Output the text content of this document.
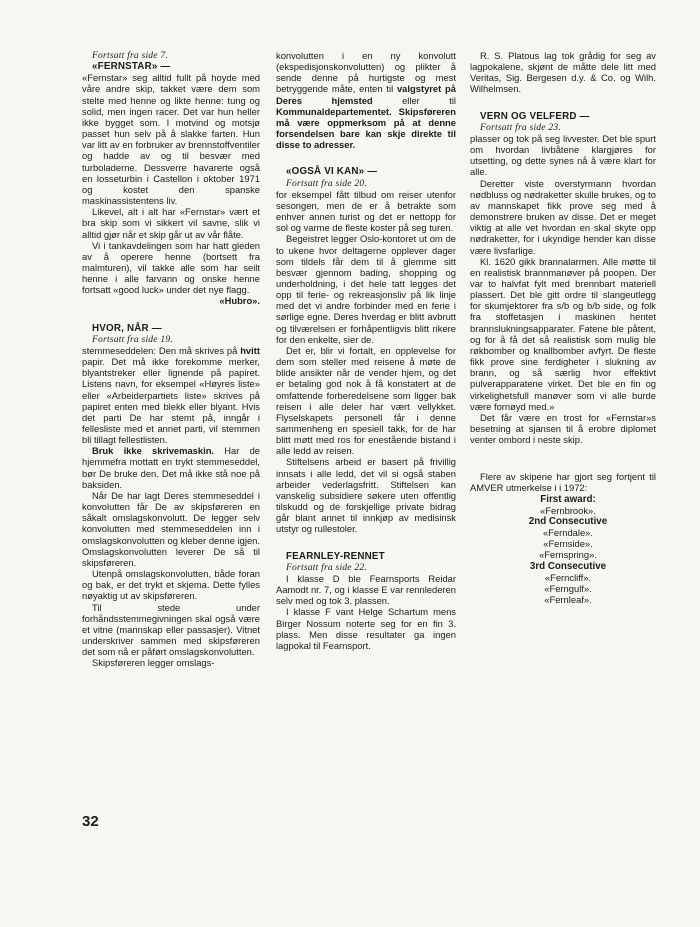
Fortsatt fra side 7.

«FERNSTAR» —

«Fernstar» seg alltid fullt på hoyde med våre andre skip, takket være dem som stelte med henne og likte henne: tung og solid, men ingen racer. Det var hun heller ikke bygget som. I motvind og motsjø passet hun selv på å slakke farten. Hun var litt av en forbruker av brennstoffventiler og hadde av og til besvær med turboladerne. Dessverre havarerte også en losseturbin i Castellon i oktober 1971 og kostet den spanske maskinassistentens liv.

Likevel, alt i alt har «Fernstar» vært et bra skip som vi sikkert vil savne, slik vi alltid gjør når et skip går ut av vår flåte.

Vi i tankavdelingen som har hatt gleden av å operere henne (bortsett fra malmturen), vil takke alle som har seilt henne i alle farvann og onske henne fortsatt «good luck» under det nye flagg.

«Hubro».

HVOR, NÅR —

Fortsatt fra side 19.

stemmeseddelen: Den må skrives på hvitt papir. Det må ikke forekomme merker, blyantstreker eller lignende på papiret. Listens navn, for eksempel «Høyres liste» eller «Arbeiderpartiets liste» skrives på papiret enten med blekk eller blyant. Hvis det parti De har stemt på, inngår i fellesliste med et annet parti, vil stemmen bli tillagt fellestlisten.

Bruk ikke skrivemaskin. Har de hjemmefra mottatt en trykt stemmeseddel, bør De bruke den. Det må ikke stå noe på baksiden.

Når De har lagt Deres stemmeseddel i konvolutten får De av skipsføreren en såkalt omslagskonvolutt. De legger selv konvolutten med stemmeseddelen inn i omslagskonvolutten og kleber denne igjen. Omslagskonvolutten leverer De så til skipsføreren.

Utenpå omslagskonvolutten, både foran og bak, er det trykt et skjema. Dette fylles nøyaktig ut av skipsføreren.

Til stede under forhåndsstemmegivningen skal også være et vitne (mannskap eller passasjer). Vitnet underskriver sammen med skipsføreren det som nå er påført omslagskonvolutten.

Skipsføreren legger omslags-

konvolutten i en ny konvolutt (ekspedisjonskonvolutten) og plikter å sende denne på hurtigste og mest betryggende måte, enten til valgstyret på Deres hjemsted eller til Kommunaldepartementet. Skipsføreren må være oppmerksom på at denne forsendelsen bare kan skje direkte til disse to adresser.

«OGSÅ VI KAN» —

Fortsatt fra side 20.

for eksempel fått tilbud om reiser utenfor sesongen, men de er å betrakte som enhver annen turist og det er nettopp for sol og varme de fleste koster på seg turen.

Begeistret legger Oslo-kontoret ut om de to ukene hvor deltagerne opplever dager som tildels får dem til å glemme sitt besvær gjennom bading, shopping og underholdning, i det hele tatt legges det opp til ferie- og rekreasjonsliv på lik linje med det vi andre forbinder med en ferie i sørlige egne. Deres hverdag er blitt avbrutt og tilværelsen er forhåpentligvis blitt rikere for den enkelte, sier de.

Det er, blir vi fortalt, en opplevelse for dem som steller med reisene å møte de blide ansikter når de vender hjem, og det er betaling god nok å få konstatert at de omfattende forberedelsene som ligger bak reisen i alle deler har vært vellykket. Flyselskapets personell får i denne sammenheng en spesiell takk, for de har blitt møtt med ros for enestående bistand i alle ledd av reisen.

Stiftelsens arbeid er basert på frivillig innsats i alle ledd, det vil si også staben arbeider vederlagsfritt. Stiftelsen kan vanskelig subsidiere søkere uten offentlig tilskudd og de forskjellige private bidrag går blant annet til innkjøp av medisinsk utstyr og rullestoler.

FEARNLEY-RENNET

Fortsatt fra side 22.

I klasse D ble Fearnsports Reidar Aamodt nr. 7, og i klasse E var rennlederen selv med og tok 3. plassen.

I klasse F vant Helge Schartum mens Birger Nossum noterte seg for en fin 3. plass. Men disse resultater ga ingen lagpokal til Fearnsport.

R. S. Platous lag tok grådig for seg av lagpokalene, skjønt de måtte dele litt med Veritas, Sig. Bergesen d.y. & Co. og Wilh. Wilhelmsen.

VERN OG VELFERD —

Fortsatt fra side 23.

plasser og tok på seg livvester. Det ble spurt om hvordan livbåtene klargjøres for utsetting, og dette synes nå å være klart for alle.

Deretter viste overstyrmann hvordan nødbluss og nødraketter skulle brukes, og to av mannskapet fikk prove seg med å demonstrere bruken av disse. Det er meget viktig at alle vet hvordan en skal skyte opp nødraketter, for i ukyndige hender kan disse være livsfarlige.

Kl. 1620 gikk brannalarmen. Alle møtte til en realistisk brannmanøver på poopen. Der var to halvfat fylt med brennbart materiell plassert. Det ble gitt ordre til slangeutlegg for skumjektorer fra s/b og b/b side, og folk fra stoffetasjen i maskinen hentet brannslukningsapparater. Fatene ble påtent, og for å få det så realistisk som mulig ble røkbomber og knallbomber avfyrt. De fleste fikk prove sine ferdigheter i slukning av brann, og så særlig hvor effektivt pulverapparatene virket. Det ble en fin og virkelighetsfull manøver som vi alle burde være fornøyd med.»

Det får være en trost for «Fernstar»s besetning at sjansen til å erobre diplomet venter ombord i neste skip.

Flere av skipene har gjort seg fortjent til AMVER utmerkelse i i 1972:

First award:

«Fernbrook».

2nd Consecutive

«Ferndale».

«Fernside».

«Fernspring».

3rd Consecutive

«Ferncliff».

«Ferngulf».

«Fernleaf».

32
